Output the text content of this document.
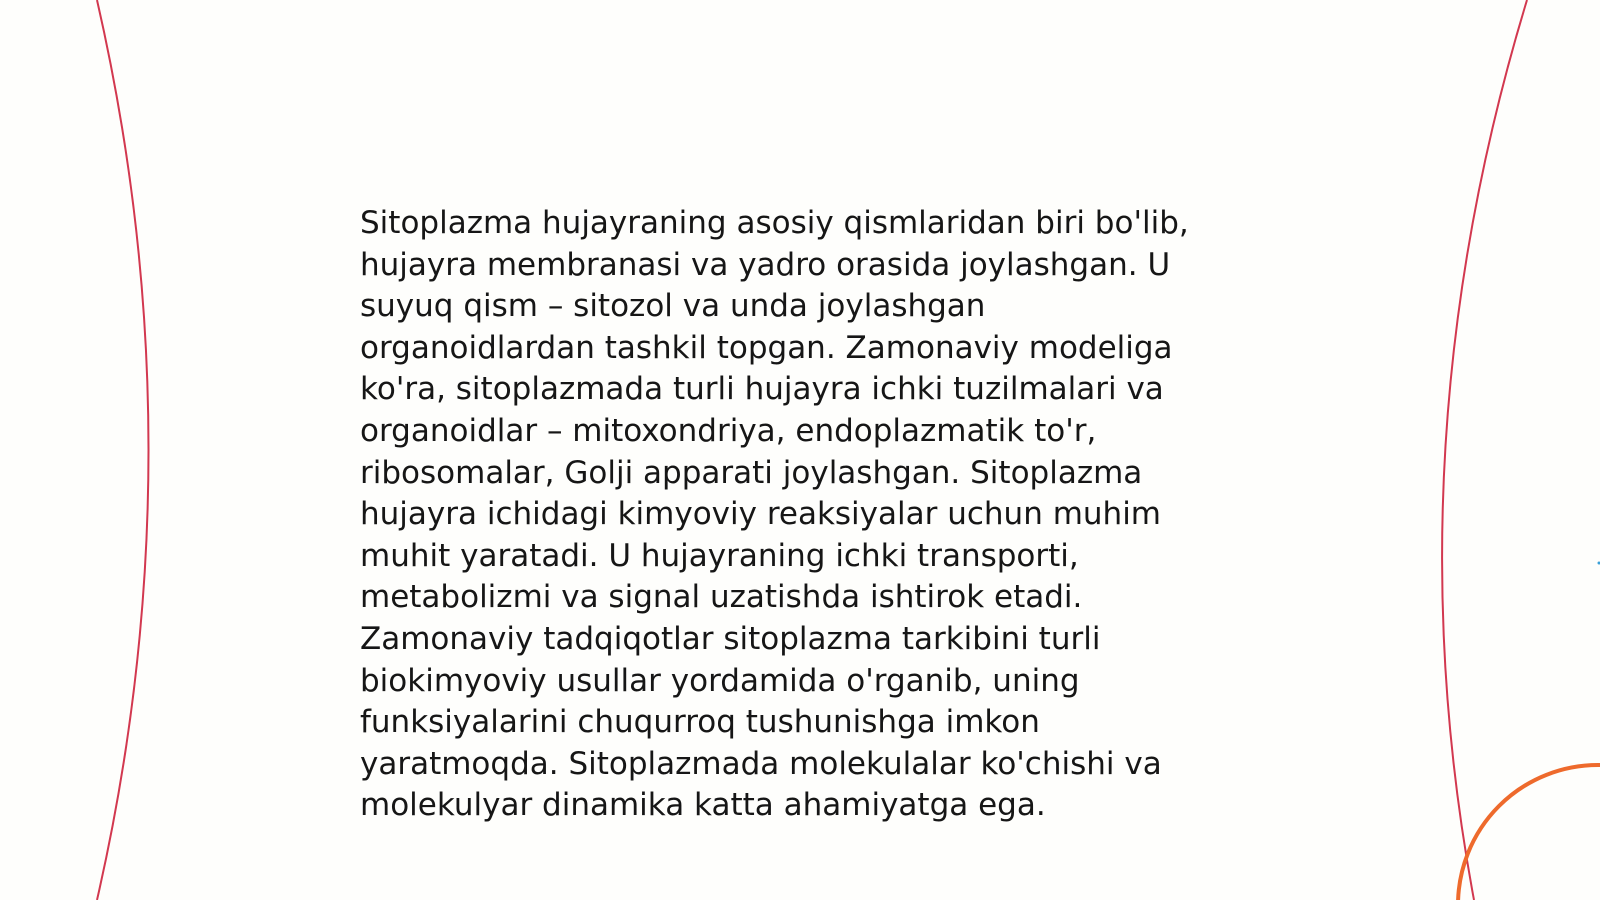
Sitoplazma hujayraning asosiy qismlaridan biri bo'lib,
hujayra membranasi va yadro orasida joylashgan. U
suyuq qism – sitozol va unda joylashgan
organoidlardan tashkil topgan. Zamonaviy modeliga
ko'ra, sitoplazmada turli hujayra ichki tuzilmalari va
organoidlar – mitoxondriya, endoplazmatik to'r,
ribosomalar, Golji apparati joylashgan. Sitoplazma
hujayra ichidagi kimyoviy reaksiyalar uchun muhim
muhit yaratadi. U hujayraning ichki transporti,
metabolizmi va signal uzatishda ishtirok etadi.
Zamonaviy tadqiqotlar sitoplazma tarkibini turli
biokimyoviy usullar yordamida o'rganib, uning
funksiyalarini chuqurroq tushunishga imkon
yaratmoqda. Sitoplazmada molekulalar ko'chishi va
molekulyar dinamika katta ahamiyatga ega.
